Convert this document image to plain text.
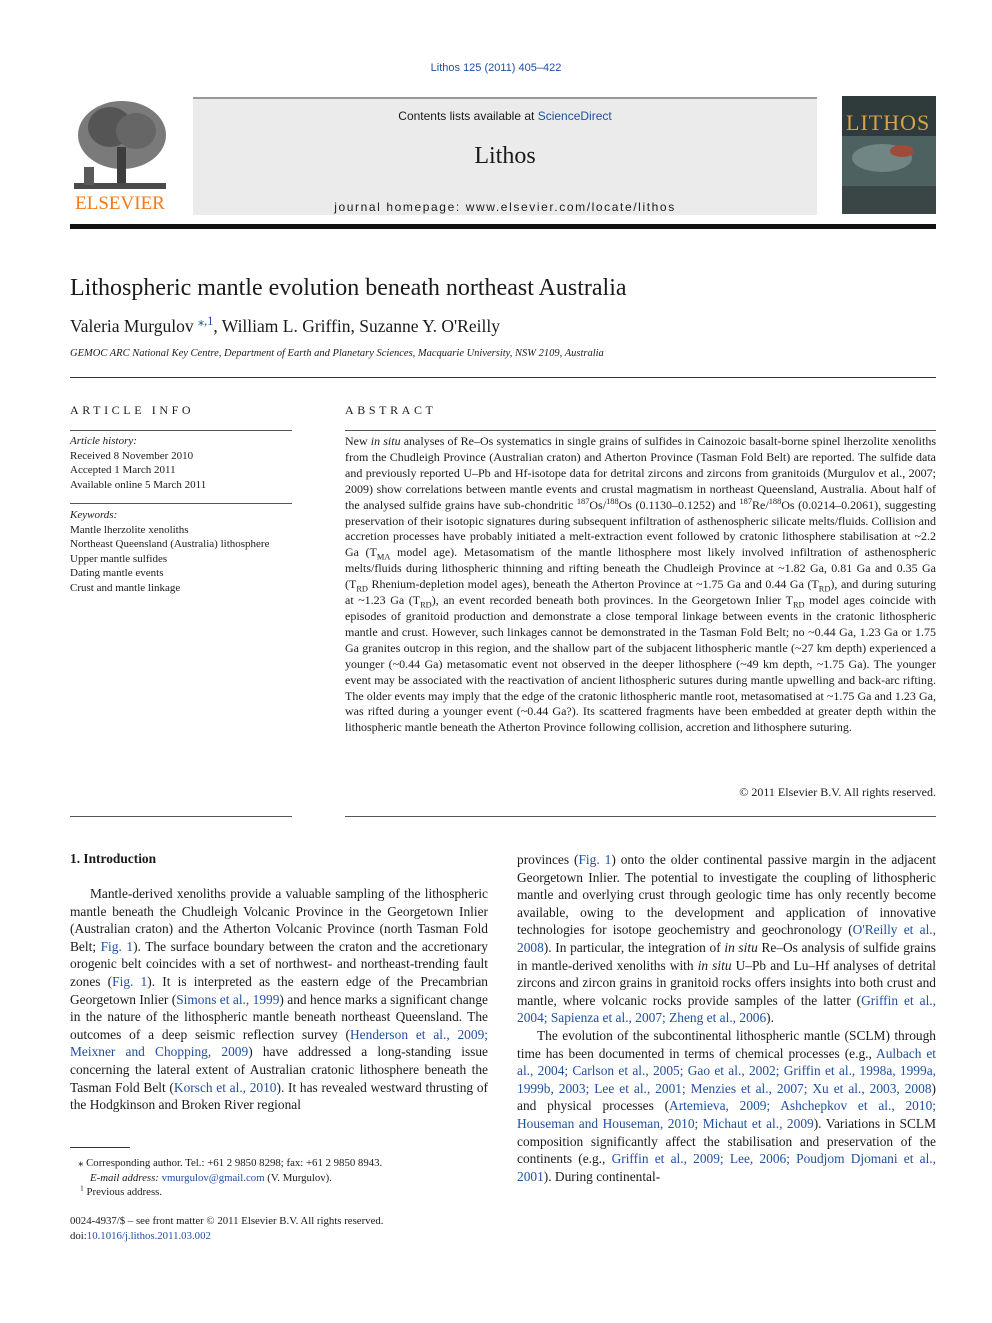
Lithos 125 (2011) 405–422
ELSEVIER
Contents lists available at ScienceDirect
Lithos
journal homepage: www.elsevier.com/locate/lithos
LITHOS
Lithospheric mantle evolution beneath northeast Australia
Valeria Murgulov $^{⁎,1}$, William L. Griffin, Suzanne Y. O'Reilly
GEMOC ARC National Key Centre, Department of Earth and Planetary Sciences, Macquarie University, NSW 2109, Australia
ARTICLE INFO	ABSTRACT
Article history:
Received 8 November 2010
Accepted 1 March 2011
Available online 5 March 2011
Keywords:
Mantle lherzolite xenoliths
Northeast Queensland (Australia) lithosphere
Upper mantle sulfides
Dating mantle events
Crust and mantle linkage
New in situ analyses of Re–Os systematics in single grains of sulfides in Cainozoic basalt-borne spinel lherzolite xenoliths from the Chudleigh Province (Australian craton) and Atherton Province (Tasman Fold Belt) are reported. The sulfide data and previously reported U–Pb and Hf-isotope data for detrital zircons and zircons from granitoids (Murgulov et al., 2007; 2009) show correlations between mantle events and crustal magmatism in northeast Queensland, Australia. About half of the analysed sulfide grains have sub-chondritic $^{187}$Os/$^{188}$Os (0.1130–0.1252) and $^{187}$Re/$^{188}$Os (0.0214–0.2061), suggesting preservation of their isotopic signatures during subsequent infiltration of asthenospheric silicate melts/fluids. Collision and accretion processes have probably initiated a melt-extraction event followed by cratonic lithosphere stabilisation at ~2.2 Ga ($T_{MA}$ model age). Metasomatism of the mantle lithosphere most likely involved infiltration of asthenospheric melts/fluids during lithospheric thinning and rifting beneath the Chudleigh Province at ~1.82 Ga, 0.81 Ga and 0.35 Ga ($T_{RD}$ Rhenium-depletion model ages), beneath the Atherton Province at ~1.75 Ga and 0.44 Ga $(T_{RD})$, and during suturing at ~1.23 Ga $(T_{RD})$, an event recorded beneath both provinces. In the Georgetown Inlier $T_{RD}$ model ages coincide with episodes of granitoid production and demonstrate a close temporal linkage between events in the cratonic lithospheric mantle and crust. However, such linkages cannot be demonstrated in the Tasman Fold Belt; no ~0.44 Ga, 1.23 Ga or 1.75 Ga granites outcrop in this region, and the shallow part of the subjacent lithospheric mantle (~27 km depth) experienced a younger (~0.44 Ga) metasomatic event not observed in the deeper lithosphere (~49 km depth, ~1.75 Ga). The younger event may be associated with the reactivation of ancient lithospheric sutures during mantle upwelling and back-arc rifting. The older events may imply that the edge of the cratonic lithospheric mantle root, metasomatised at ~1.75 Ga and 1.23 Ga, was rifted during a younger event (~0.44 Ga?). Its scattered fragments have been embedded at greater depth within the lithospheric mantle beneath the Atherton Province following collision, accretion and lithosphere suturing.
© 2011 Elsevier B.V. All rights reserved.
1. Introduction
Mantle-derived xenoliths provide a valuable sampling of the lithospheric mantle beneath the Chudleigh Volcanic Province in the Georgetown Inlier (Australian craton) and the Atherton Volcanic Province (north Tasman Fold Belt; Fig. 1). The surface boundary between the craton and the accretionary orogenic belt coincides with a set of northwest- and northeast-trending fault zones (Fig. 1). It is interpreted as the eastern edge of the Precambrian Georgetown Inlier (Simons et al., 1999) and hence marks a significant change in the nature of the lithospheric mantle beneath northeast Queensland. The outcomes of a deep seismic reflection survey (Henderson et al., 2009; Meixner and Chopping, 2009) have addressed a long-standing issue concerning the lateral extent of Australian cratonic lithosphere beneath the Tasman Fold Belt (Korsch et al., 2010). It has revealed westward thrusting of the Hodgkinson and Broken River regional

provinces (Fig. 1) onto the older continental passive margin in the adjacent Georgetown Inlier. The potential to investigate the coupling of lithospheric mantle and overlying crust through geologic time has only recently become available, owing to the development and application of innovative technologies for isotope geochemistry and geochronology (O'Reilly et al., 2008). In particular, the integration of in situ Re–Os analysis of sulfide grains in mantle-derived xenoliths with in situ U–Pb and Lu–Hf analyses of detrital zircons and zircon grains in granitoid rocks offers insights into both crust and mantle, where volcanic rocks provide samples of the latter (Griffin et al., 2004; Sapienza et al., 2007; Zheng et al., 2006).

The evolution of the subcontinental lithospheric mantle (SCLM) through time has been documented in terms of chemical processes (e.g., Aulbach et al., 2004; Carlson et al., 2005; Gao et al., 2002; Griffin et al., 1998a, 1999a, 1999b, 2003; Lee et al., 2001; Menzies et al., 2007; Xu et al., 2003, 2008) and physical processes (Artemieva, 2009; Ashchepkov et al., 2010; Houseman and Houseman, 2010; Michaut et al., 2009). Variations in SCLM composition significantly affect the stabilisation and preservation of the continents (e.g., Griffin et al., 2009; Lee, 2006; Poudjom Djomani et al., 2001). During continental-

⁎ Corresponding author. Tel.: +61 2 9850 8298; fax: +61 2 9850 8943.
E-mail address: vmurgulov@gmail.com (V. Murgulov).
$^1$ Previous address.
0024-4937/$ – see front matter © 2011 Elsevier B.V. All rights reserved.
doi:10.1016/j.lithos.2011.03.002
